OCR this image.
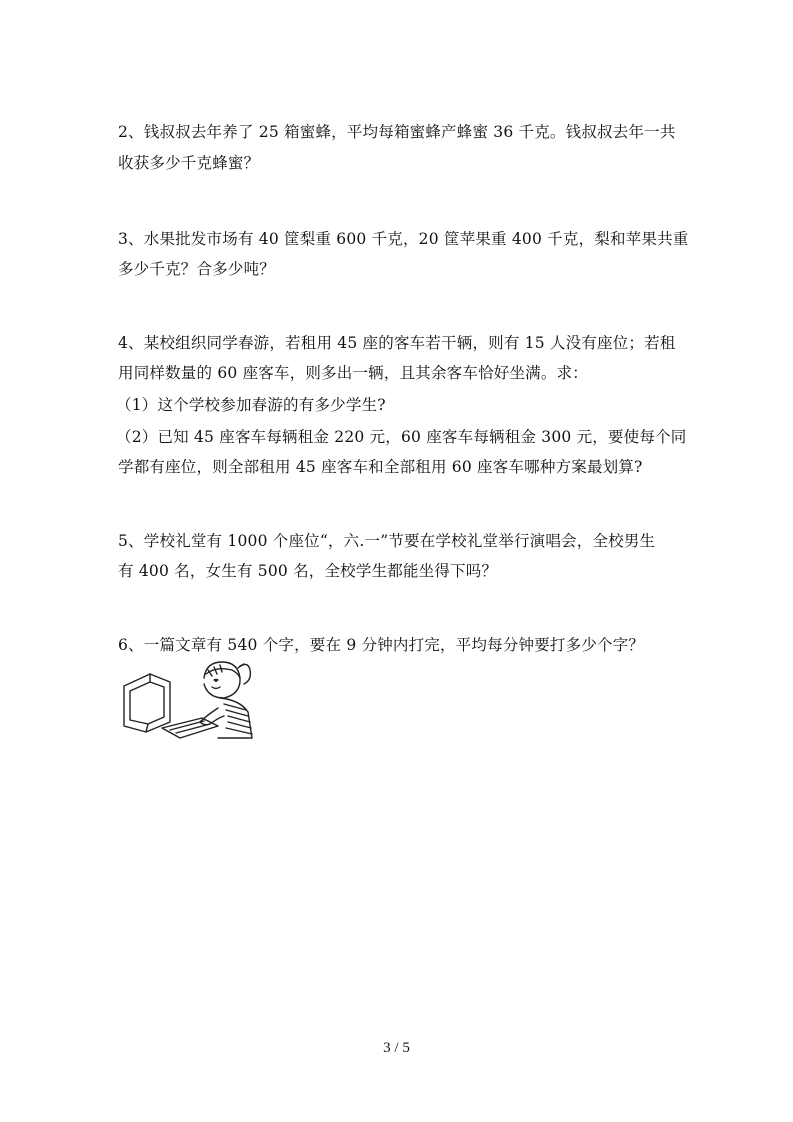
2、钱叔叔去年养了 25 箱蜜蜂，平均每箱蜜蜂产蜂蜜 36 千克。钱叔叔去年一共
收获多少千克蜂蜜？
3、水果批发市场有 40 筐梨重 600 千克，20 筐苹果重 400 千克，梨和苹果共重
多少千克？合多少吨？
4、某校组织同学春游，若租用 45 座的客车若干辆，则有 15 人没有座位；若租
用同样数量的 60 座客车，则多出一辆，且其余客车恰好坐满。求：
（1）这个学校参加春游的有多少学生?
（2）已知 45 座客车每辆租金 220 元，60 座客车每辆租金 300 元，要使每个同
学都有座位，则全部租用 45 座客车和全部租用 60 座客车哪种方案最划算?
5、学校礼堂有 1000 个座位“，六.一”节要在学校礼堂举行演唱会，全校男生
有 400 名，女生有 500 名，全校学生都能坐得下吗？
6、一篇文章有 540 个字，要在 9 分钟内打完，平均每分钟要打多少个字？
3 / 5
